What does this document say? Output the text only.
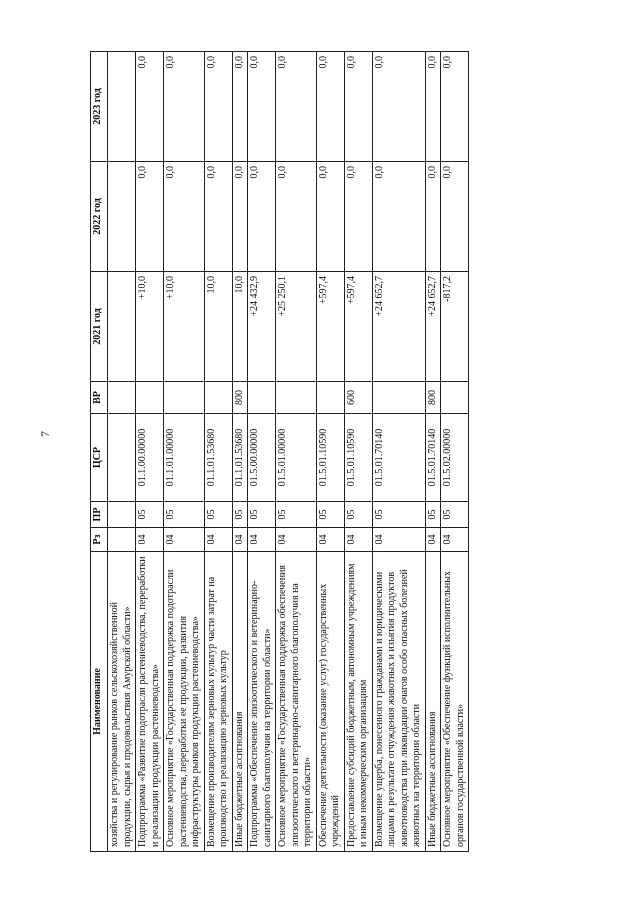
7
Наименование	Рз	ПР	ЦСР	ВР	2021 год	2022 год	2023 год
хозяйства и регулирование рынков сельскохозяйственной продукции, сырья и продовольствия Амурской области»							
Подпрограмма «Развитие подотрасли растениеводства, переработки и реализации продукции растениеводства»	04	05	01.1.00.00000		+10,0	0,0	0,0
Основное мероприятие «Государственная поддержка подотрасли растениеводства, переработки ее продукции, развития инфраструктуры рынков продукции растениеводства»	04	05	01.1.01.00000		+10,0	0,0	0,0
Возмещение производителям зерновых культур части затрат на производство и реализацию зерновых культур	04	05	01.1.01.53680		10,0	0,0	0,0
Иные бюджетные ассигнования	04	05	01.1.01.53680	800	10,0	0,0	0,0
Подпрограмма «Обеспечение эпизоотического и ветеринарно-санитарного благополучия на территории области»	04	05	01.5.00.00000		+24 432,9	0,0	0,0
Основное мероприятие «Государственная поддержка обеспечения эпизоотического и ветеринарно-санитарного благополучия на территории области»	04	05	01.5.01.00000		+25 250,1	0,0	0,0
Обеспечение деятельности (оказание услуг) государственных учреждений	04	05	01.5.01.10590		+597,4	0,0	0,0
Предоставление субсидий бюджетным, автономным учреждениям и иным некоммерческим организациям	04	05	01.5.01.10590	600	+597,4	0,0	0,0
Возмещение ущерба, понесенного гражданами и юридическими лицами в результате отчуждения животных и изъятия продуктов животноводства при ликвидации очагов особо опасных болезней животных на территории области	04	05	01.5.01.70140		+24 652,7	0,0	0,0
Иные бюджетные ассигнования	04	05	01.5.01.70140	800	+24 652,7	0,0	0,0
Основное мероприятие «Обеспечение функций исполнительных органов государственной власти»	04	05	01.5.02.00000		-817,2	0,0	0,0
